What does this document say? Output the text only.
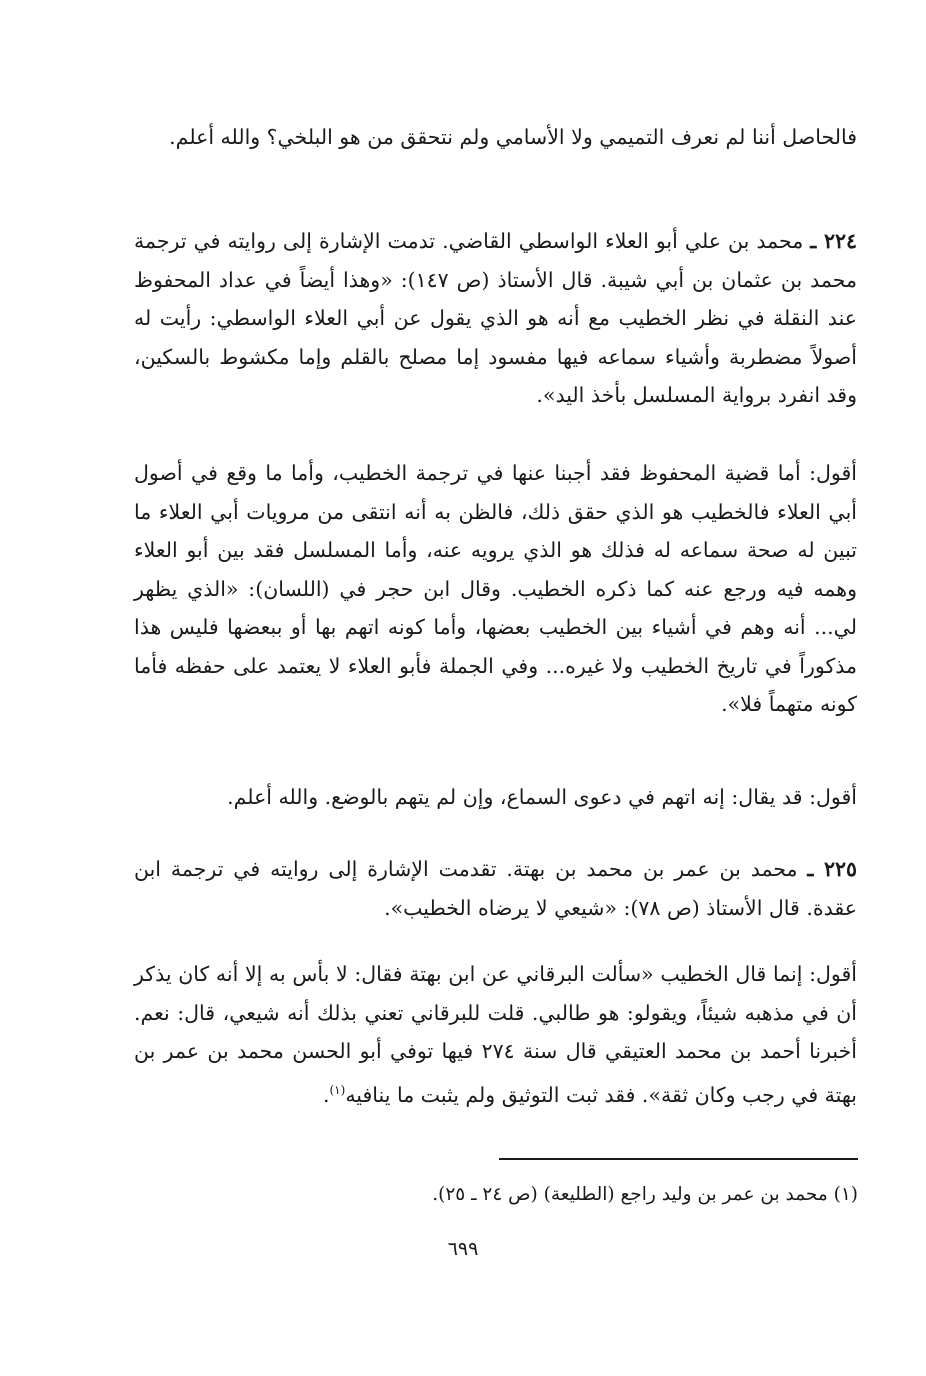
فالحاصل أننا لم نعرف التميمي ولا الأسامي ولم نتحقق من هو البلخي؟ والله أعلم.

٢٢٤ ـ محمد بن علي أبو العلاء الواسطي القاضي. تدمت الإشارة إلى روايته في ترجمة محمد بن عثمان بن أبي شيبة. قال الأستاذ (ص ١٤٧): «وهذا أيضاً في عداد المحفوظ عند النقلة في نظر الخطيب مع أنه هو الذي يقول عن أبي العلاء الواسطي: رأيت له أصولاً مضطربة وأشياء سماعه فيها مفسود إما مصلح بالقلم وإما مكشوط بالسكين، وقد انفرد برواية المسلسل بأخذ اليد».

أقول: أما قضية المحفوظ فقد أجبنا عنها في ترجمة الخطيب، وأما ما وقع في أصول أبي العلاء فالخطيب هو الذي حقق ذلك، فالظن به أنه انتقى من مرويات أبي العلاء ما تبين له صحة سماعه له فذلك هو الذي يرويه عنه، وأما المسلسل فقد بين أبو العلاء وهمه فيه ورجع عنه كما ذكره الخطيب. وقال ابن حجر في (اللسان): «الذي يظهر لي... أنه وهم في أشياء بين الخطيب بعضها، وأما كونه اتهم بها أو ببعضها فليس هذا مذكوراً في تاريخ الخطيب ولا غيره... وفي الجملة فأبو العلاء لا يعتمد على حفظه فأما كونه متهماً فلا».

أقول: قد يقال: إنه اتهم في دعوى السماع، وإن لم يتهم بالوضع. والله أعلم.

٢٢٥ ـ محمد بن عمر بن محمد بن بهتة. تقدمت الإشارة إلى روايته في ترجمة ابن عقدة. قال الأستاذ (ص ٧٨): «شيعي لا يرضاه الخطيب».

أقول: إنما قال الخطيب «سألت البرقاني عن ابن بهتة فقال: لا بأس به إلا أنه كان يذكر أن في مذهبه شيئاً، ويقولو: هو طالبي. قلت للبرقاني تعني بذلك أنه شيعي، قال: نعم. أخبرنا أحمد بن محمد العتيقي قال سنة ٢٧٤ فيها توفي أبو الحسن محمد بن عمر بن بهتة في رجب وكان ثقة». فقد ثبت التوثيق ولم يثبت ما ينافيه$^{(١)}$.

(١) محمد بن عمر بن وليد راجع (الطليعة) (ص ٢٤ ـ ٢٥).
٦٩٩
